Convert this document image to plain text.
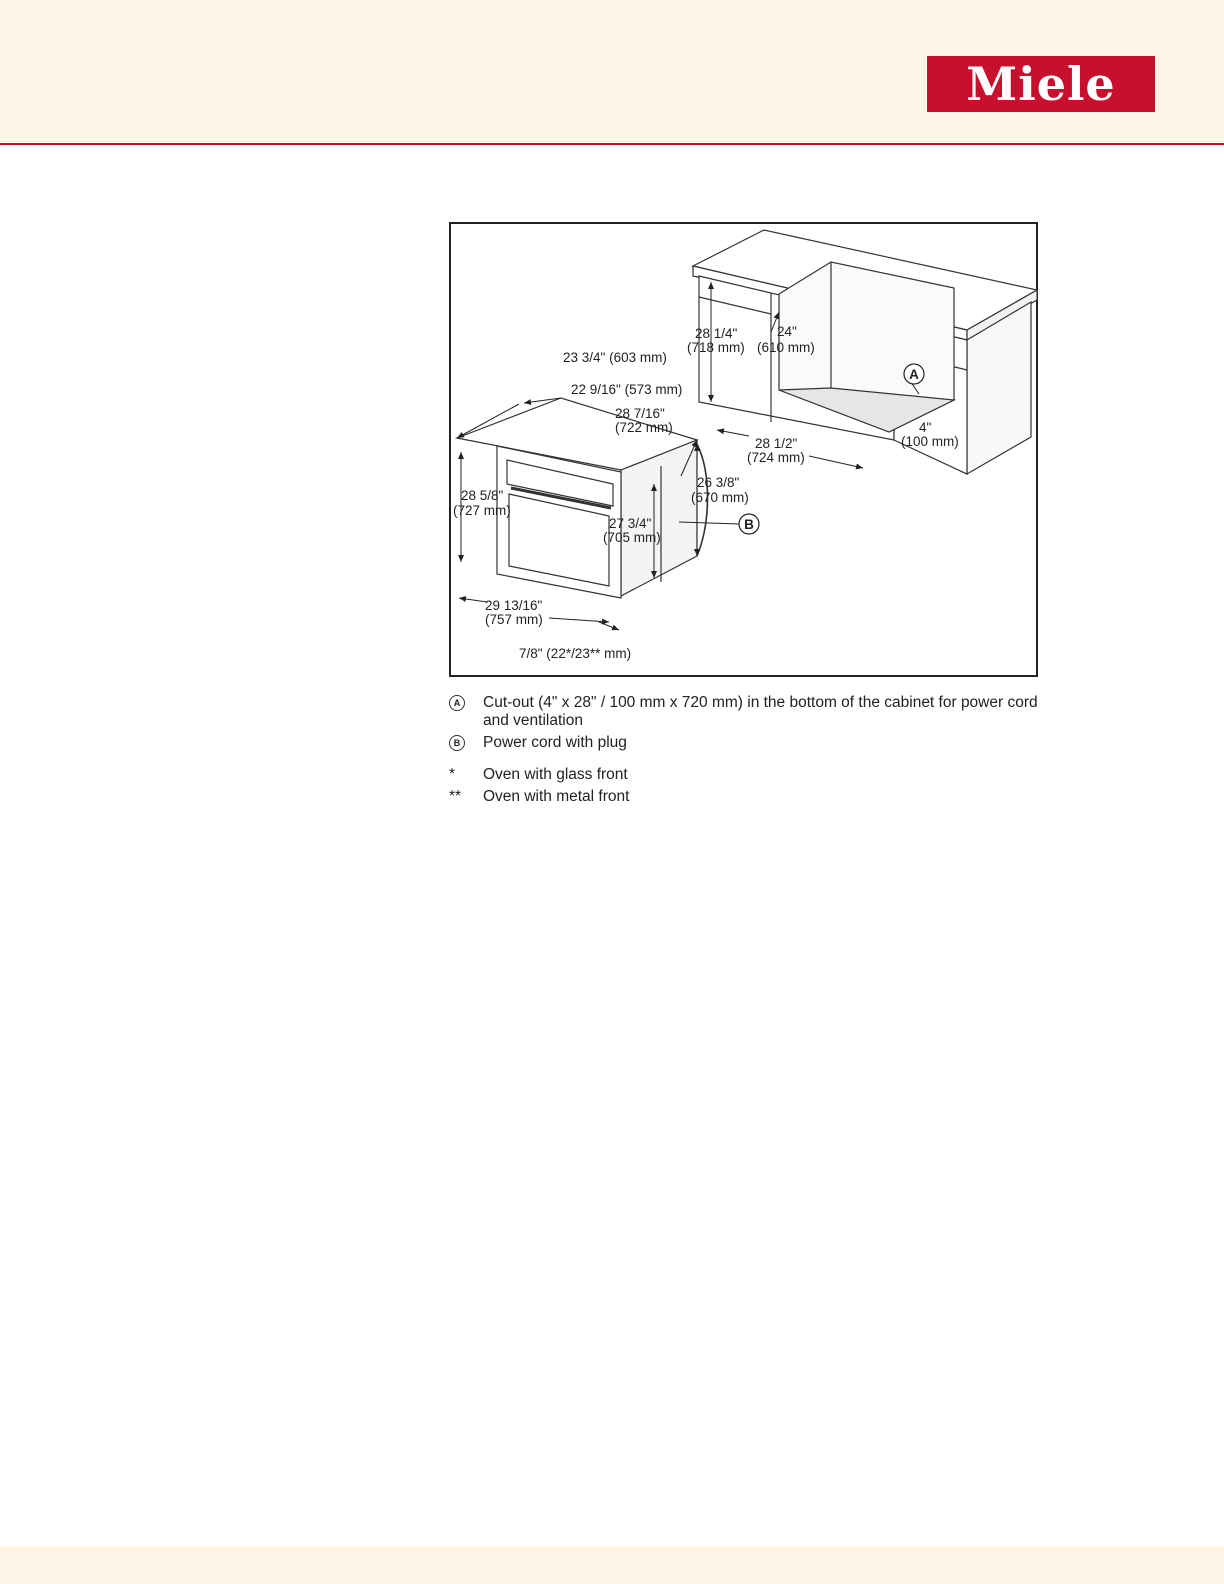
Miele
A
B
23 3/4" (603 mm)
22 9/16" (573 mm)
28 7/16"
(722 mm)
28 1/4"
(718 mm)
24"
(610 mm)
28 1/2"
(724 mm)
4"
(100 mm)
28 5/8"
(727 mm)
26 3/8"
(670 mm)
27 3/4"
(705 mm)
29 13/16"
(757 mm)
7/8" (22*/23** mm)
A	Cut-out (4" x 28" / 100 mm x 720 mm) in the bottom of the cabinet for power cord and ventilation
B	Power cord with plug
*	Oven with glass front
**	Oven with metal front
